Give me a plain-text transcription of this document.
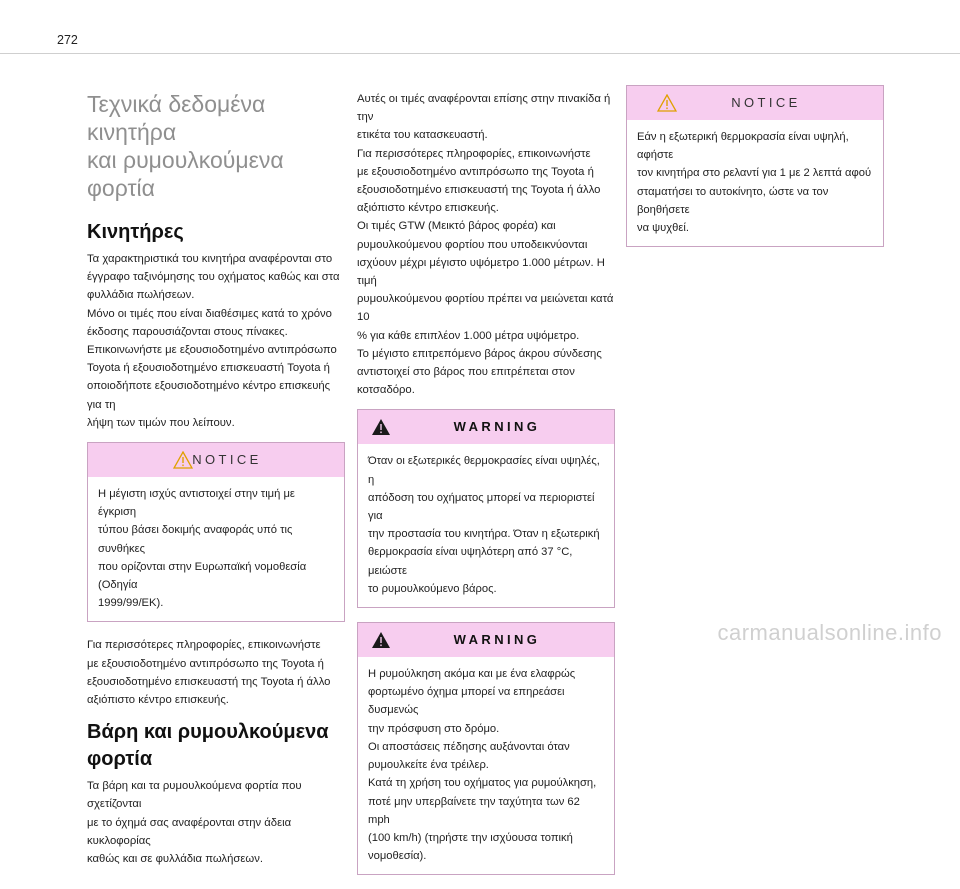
272
Τεχνικά δεδομένα κινητήρα
και ρυμουλκούμενα φορτία
Κινητήρες

Τα χαρακτηριστικά του κινητήρα αναφέρονται στο
έγγραφο ταξινόμησης του οχήματος καθώς και στα
φυλλάδια πωλήσεων.
Μόνο οι τιμές που είναι διαθέσιμες κατά το χρόνο
έκδοσης παρουσιάζονται στους πίνακες.
Επικοινωνήστε με εξουσιοδοτημένο αντιπρόσωπο
Toyota ή εξουσιοδοτημένο επισκευαστή Toyota ή
οποιοδήποτε εξουσιοδοτημένο κέντρο επισκευής για τη
λήψη των τιμών που λείπουν.

NOTICE

Η μέγιστη ισχύς αντιστοιχεί στην τιμή με έγκριση
τύπου βάσει δοκιμής αναφοράς υπό τις συνθήκες
που ορίζονται στην Ευρωπαϊκή νομοθεσία (Οδηγία
1999/99/ΕΚ).

Για περισσότερες πληροφορίες, επικοινωνήστε
με εξουσιοδοτημένο αντιπρόσωπο της Toyota ή
εξουσιοδοτημένο επισκευαστή της Toyota ή άλλο
αξιόπιστο κέντρο επισκευής.

Βάρη και ρυμουλκούμενα
φορτία

Τα βάρη και τα ρυμουλκούμενα φορτία που σχετίζονται
με το όχημά σας αναφέρονται στην άδεια κυκλοφορίας
καθώς και σε φυλλάδια πωλήσεων.

Αυτές οι τιμές αναφέρονται επίσης στην πινακίδα ή την
ετικέτα του κατασκευαστή.
Για περισσότερες πληροφορίες, επικοινωνήστε
με εξουσιοδοτημένο αντιπρόσωπο της Toyota ή
εξουσιοδοτημένο επισκευαστή της Toyota ή άλλο
αξιόπιστο κέντρο επισκευής.
Οι τιμές GTW (Μεικτό βάρος φορέα) και
ρυμουλκούμενου φορτίου που υποδεικνύονται
ισχύουν μέχρι μέγιστο υψόμετρο 1.000 μέτρων. Η τιμή
ρυμουλκούμενου φορτίου πρέπει να μειώνεται κατά 10
% για κάθε επιπλέον 1.000 μέτρα υψόμετρο.
Το μέγιστο επιτρεπόμενο βάρος άκρου σύνδεσης
αντιστοιχεί στο βάρος που επιτρέπεται στον κοτσαδόρο.

WARNING

Όταν οι εξωτερικές θερμοκρασίες είναι υψηλές, η
απόδοση του οχήματος μπορεί να περιοριστεί για
την προστασία του κινητήρα. Όταν η εξωτερική
θερμοκρασία είναι υψηλότερη από 37 °C, μειώστε
το ρυμουλκούμενο βάρος.

WARNING

Η ρυμούλκηση ακόμα και με ένα ελαφρώς
φορτωμένο όχημα μπορεί να επηρεάσει δυσμενώς
την πρόσφυση στο δρόμο.
Οι αποστάσεις πέδησης αυξάνονται όταν
ρυμουλκείτε ένα τρέιλερ.
Κατά τη χρήση του οχήματος για ρυμούλκηση,
ποτέ μην υπερβαίνετε την ταχύτητα των 62 mph
(100 km/h) (τηρήστε την ισχύουσα τοπική
νομοθεσία).

NOTICE

Εάν η εξωτερική θερμοκρασία είναι υψηλή, αφήστε
τον κινητήρα στο ρελαντί για 1 με 2 λεπτά αφού
σταματήσει το αυτοκίνητο, ώστε να τον βοηθήσετε
να ψυχθεί.

carmanualsonline.info
